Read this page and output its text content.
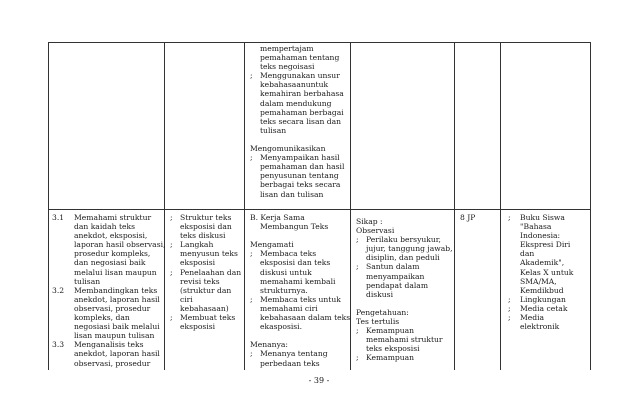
mempertajam
pemahaman tentang
teks negoisasi
; Menggunakan unsur
kebahasaanuntuk
kemahiran berbahasa
dalam mendukung
pemahaman berbagai
teks secara lisan dan
tulisan
Mengomunikasikan
; Menyampaikan hasil
pemahaman dan hasil
penyusunan tentang
berbagai teks secara
lisan dan tulisan
3.1 Memahami struktur
dan kaidah teks
anekdot, eksposisi,
laporan hasil observasi,
prosedur kompleks,
dan negosiasi baik
melalui lisan maupun
tulisan
3.2 Membandingkan teks
anekdot, laporan hasil
observasi, prosedur
kompleks, dan
negosiasi baik melalui
lisan maupun tulisan
3.3 Menganalisis teks
anekdot, laporan hasil
observasi, prosedur
; Struktur teks
eksposisi dan
teks diskusi
; Langkah
menyusun teks
eksposisi
; Penelaahan dan
revisi teks
(struktur dan
ciri
kebahasaan)
; Membuat teks
eksposisi
B. Kerja Sama
Membangun Teks
Mengamati
; Membaca teks
eksposisi dan teks
diskusi untuk
memahami kembali
strukturnya.
; Membaca teks untuk
memahami ciri
kebahasaan dalam teks
ekasposisi.
Menanya:
; Menanya tentang
perbedaan teks
Sikap :
Observasi
; Perilaku bersyukur,
jujur, tanggung jawab,
disiplin, dan peduli
; Santun dalam
menyampaikan
pendapat dalam
diskusi
Pengetahuan:
Tes tertulis
; Kemampuan
memahami struktur
teks eksposisi
; Kemampuan
8 JP	; Buku Siswa
"Bahasa
Indonesia:
Ekspresi Diri
dan
Akademik",
Kelas X untuk
SMA/MA,
Kemdikbud
; Lingkungan
; Media cetak
; Media
elektronik
- 39 -
